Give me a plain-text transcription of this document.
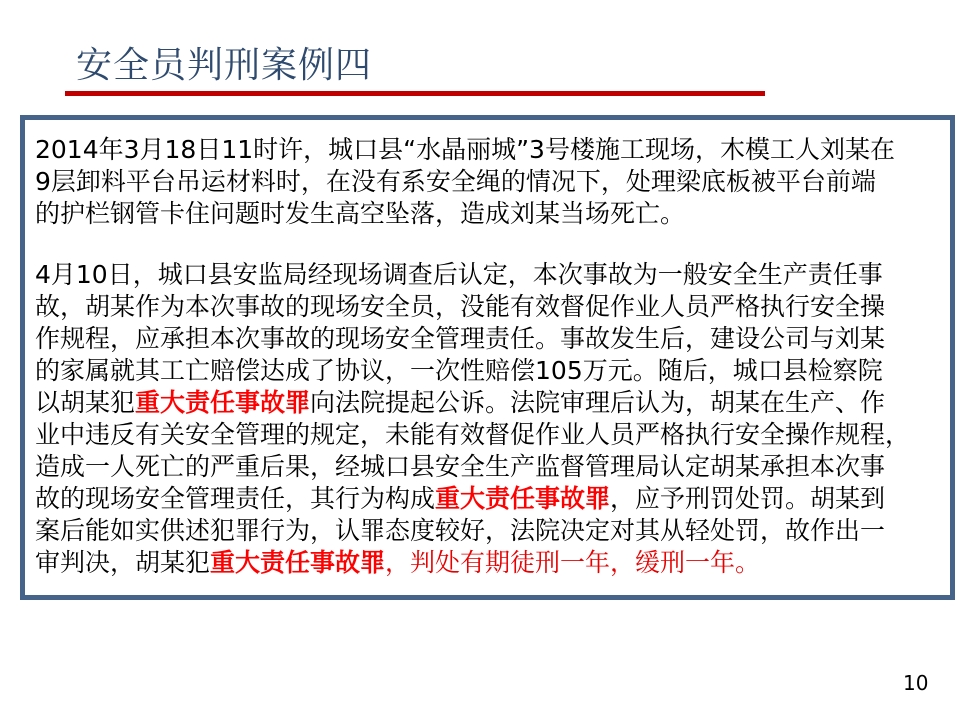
安全员判刑案例四

2014年3月18日11时许，城口县“水晶丽城”3号楼施工现场，木模工人刘某在
9层卸料平台吊运材料时，在没有系安全绳的情况下，处理梁底板被平台前端
的护栏钢管卡住问题时发生高空坠落，造成刘某当场死亡。

4月10日，城口县安监局经现场调查后认定，本次事故为一般安全生产责任事
故，胡某作为本次事故的现场安全员，没能有效督促作业人员严格执行安全操
作规程，应承担本次事故的现场安全管理责任。事故发生后，建设公司与刘某
的家属就其工亡赔偿达成了协议，一次性赔偿105万元。随后，城口县检察院
以胡某犯重大责任事故罪向法院提起公诉。法院审理后认为，胡某在生产、作
业中违反有关安全管理的规定，未能有效督促作业人员严格执行安全操作规程，
造成一人死亡的严重后果，经城口县安全生产监督管理局认定胡某承担本次事
故的现场安全管理责任，其行为构成重大责任事故罪，应予刑罚处罚。胡某到
案后能如实供述犯罪行为，认罪态度较好，法院决定对其从轻处罚，故作出一
审判决，胡某犯重大责任事故罪，判处有期徒刑一年，缓刑一年。

10
